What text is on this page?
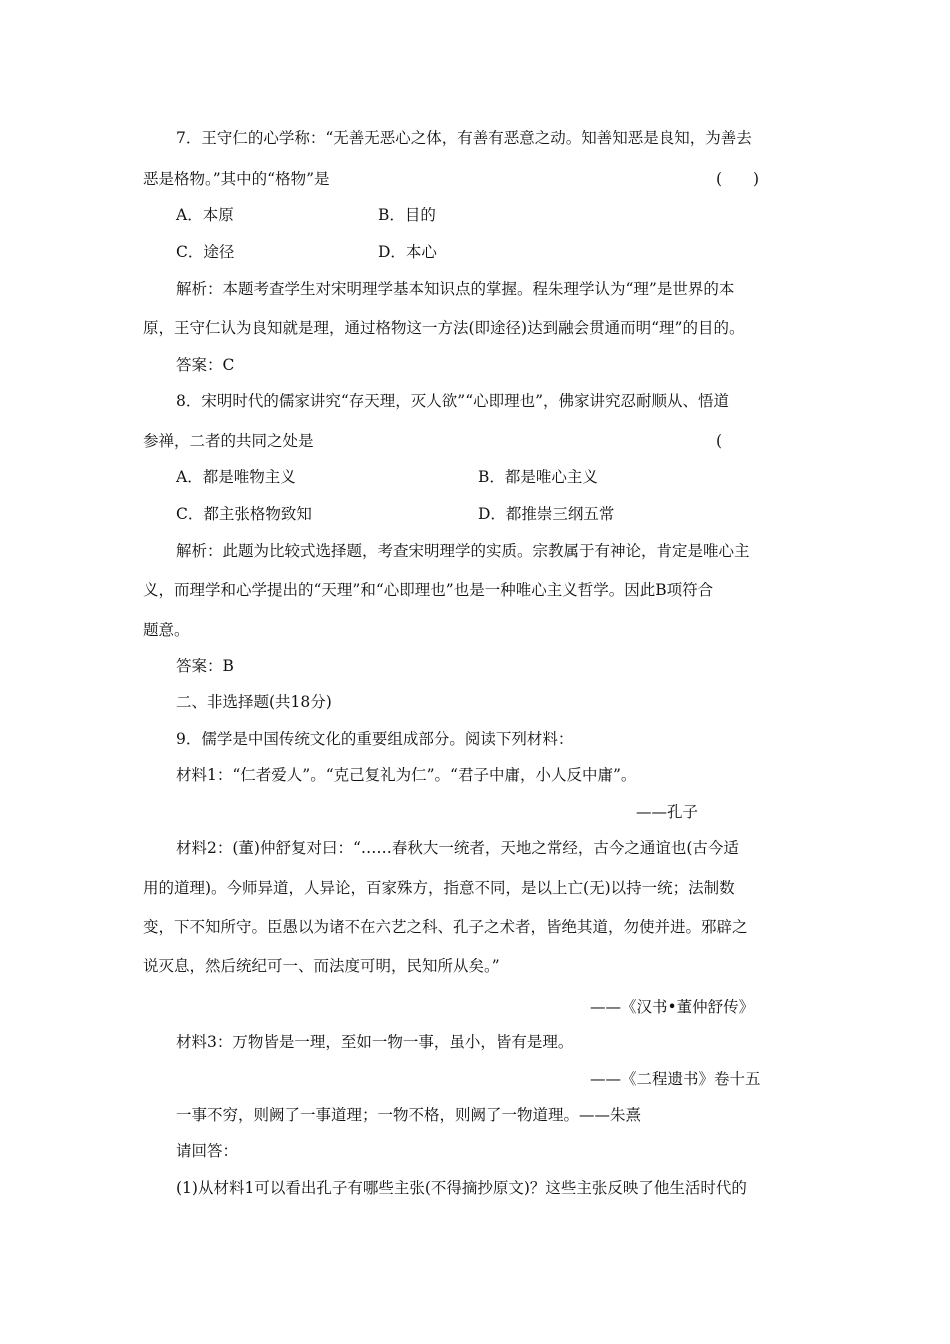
7．王守仁的心学称：“无善无恶心之体，有善有恶意之动。知善知恶是良知，为善去
恶是格物。”其中的“格物”是	(　　)
A．本原	B．目的
C．途径	D．本心
解析：本题考查学生对宋明理学基本知识点的掌握。程朱理学认为“理”是世界的本
原，王守仁认为良知就是理，通过格物这一方法(即途径)达到融会贯通而明“理”的目的。
答案：C
8．宋明时代的儒家讲究“存天理，灭人欲”“心即理也”，佛家讲究忍耐顺从、悟道
参禅，二者的共同之处是	(
A．都是唯物主义	B．都是唯心主义
C．都主张格物致知	D．都推崇三纲五常
解析：此题为比较式选择题，考查宋明理学的实质。宗教属于有神论，肯定是唯心主
义，而理学和心学提出的“天理”和“心即理也”也是一种唯心主义哲学。因此B项符合
题意。
答案：B
二、非选择题(共18分)
9．儒学是中国传统文化的重要组成部分。阅读下列材料：
材料1：“仁者爱人”。“克己复礼为仁”。“君子中庸，小人反中庸”。
——孔子
材料2：(董)仲舒复对曰：“……春秋大一统者，天地之常经，古今之通谊也(古今适
用的道理)。今师异道，人异论，百家殊方，指意不同，是以上亡(无)以持一统；法制数
变，下不知所守。臣愚以为诸不在六艺之科、孔子之术者，皆绝其道，勿使并进。邪辟之
说灭息，然后统纪可一、而法度可明，民知所从矣。”
——《汉书•董仲舒传》
材料3：万物皆是一理，至如一物一事，虽小，皆有是理。
——《二程遗书》卷十五
一事不穷，则阙了一事道理；一物不格，则阙了一物道理。——朱熹
请回答：
(1)从材料1可以看出孔子有哪些主张(不得摘抄原文)？这些主张反映了他生活时代的
